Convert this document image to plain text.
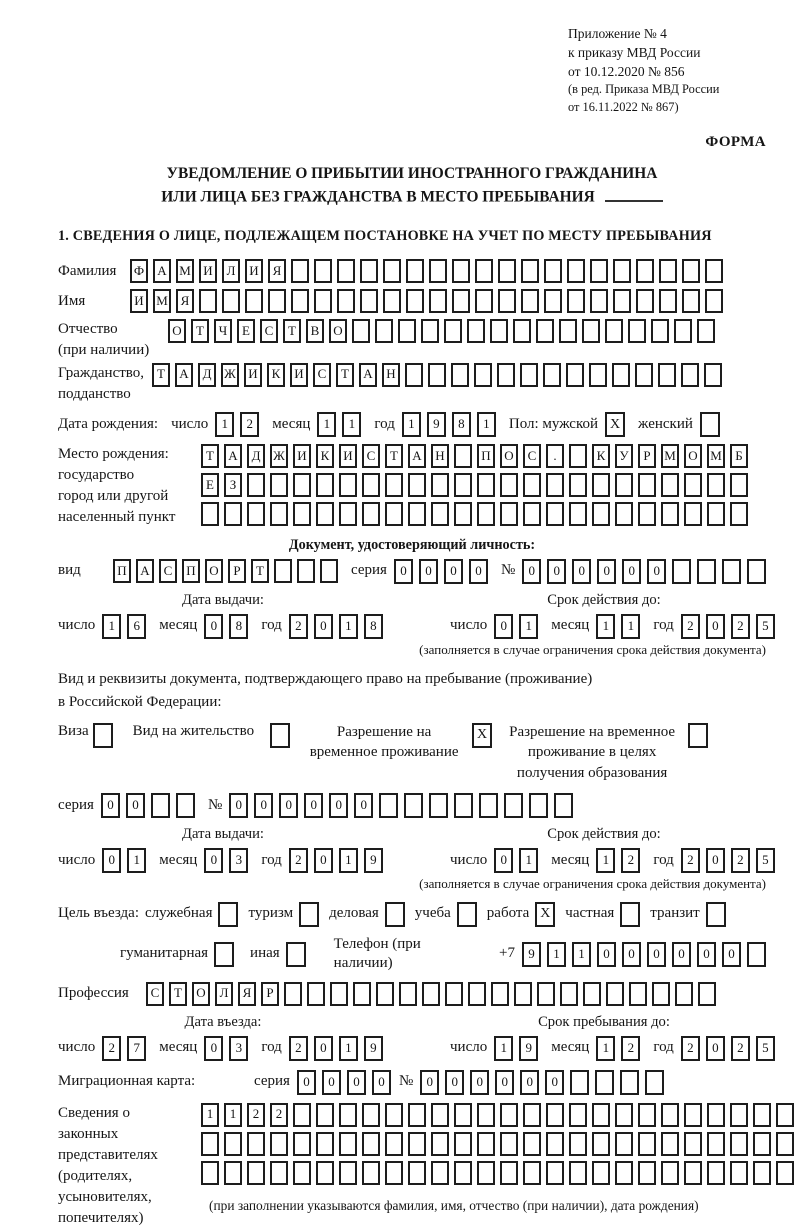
Приложение № 4
к приказу МВД России
от 10.12.2020 № 856
(в ред. Приказа МВД России
от 16.11.2022 № 867)
ФОРМА
УВЕДОМЛЕНИЕ О ПРИБЫТИИ ИНОСТРАННОГО ГРАЖДАНИНА
ИЛИ ЛИЦА БЕЗ ГРАЖДАНСТВА В МЕСТО ПРЕБЫВАНИЯ
1. СВЕДЕНИЯ О ЛИЦЕ, ПОДЛЕЖАЩЕМ ПОСТАНОВКЕ НА УЧЕТ ПО МЕСТУ ПРЕБЫВАНИЯ
Фамилия	Ф	А М И	Л	И	Я
Имя	И М Я
Отчество
(при наличии)
О	Т	Ч	Е	С	Т	В	О
Гражданство,
подданство
Т	А	Д Ж И	К	И	С	Т	А	Н
Дата рождения: число	1	2	месяц	1	1	год	1	9	8	1	Пол: мужской X	женский
Место рождения:
государство
город или другой
населенный пункт
Т	А	Д Ж И	К	И	С	Т	А	Н	П	О	С	.	К	У	Р	М О М	Б
Е	З
Документ, удостоверяющий личность:
вид	П	А	С	П	О	Р	Т	серия	0	0	0	0	№	0	0	0	0	0	0
Дата выдачи:
число	1	6	месяц	0	8	год	2	0	1	8
Срок действия до:
число	0	1	месяц	1	1	год	2	0	2	5
(заполняется в случае ограничения срока действия документа)
Вид и реквизиты документа, подтверждающего право на пребывание (проживание)
в Российской Федерации:
Виза	Вид на жительство	Разрешение на временное проживание
X	Разрешение на временное проживание в целях получения образования
серия	0	0	№	0	0	0	0	0	0
Дата выдачи:
число	0	1	месяц	0	3	год	2	0	1	9
Срок действия до:
число	0	1	месяц	1	2	год	2	0	2	5
(заполняется в случае ограничения срока действия документа)
Цель въезда: служебная туризм деловая учеба работа X частная транзит
гуманитарная	иная
Телефон (при наличии)
+7	9	1	1	0	0	0	0	0	0
Профессия	С	Т	О	Л	Я	Р
Дата въезда:
число	2	7	месяц	0	3	год	2	0	1	9
Срок пребывания до:
число	1	9	месяц	1	2	год	2	0	2	5
Миграционная карта:	серия	0	0	0	0 №	0	0	0	0	0	0
Сведения о
законных
представителях
(родителях,
усыновителях,
попечителях)
1	1	2	2
(при заполнении указываются фамилия, имя, отчество (при наличии), дата рождения)
